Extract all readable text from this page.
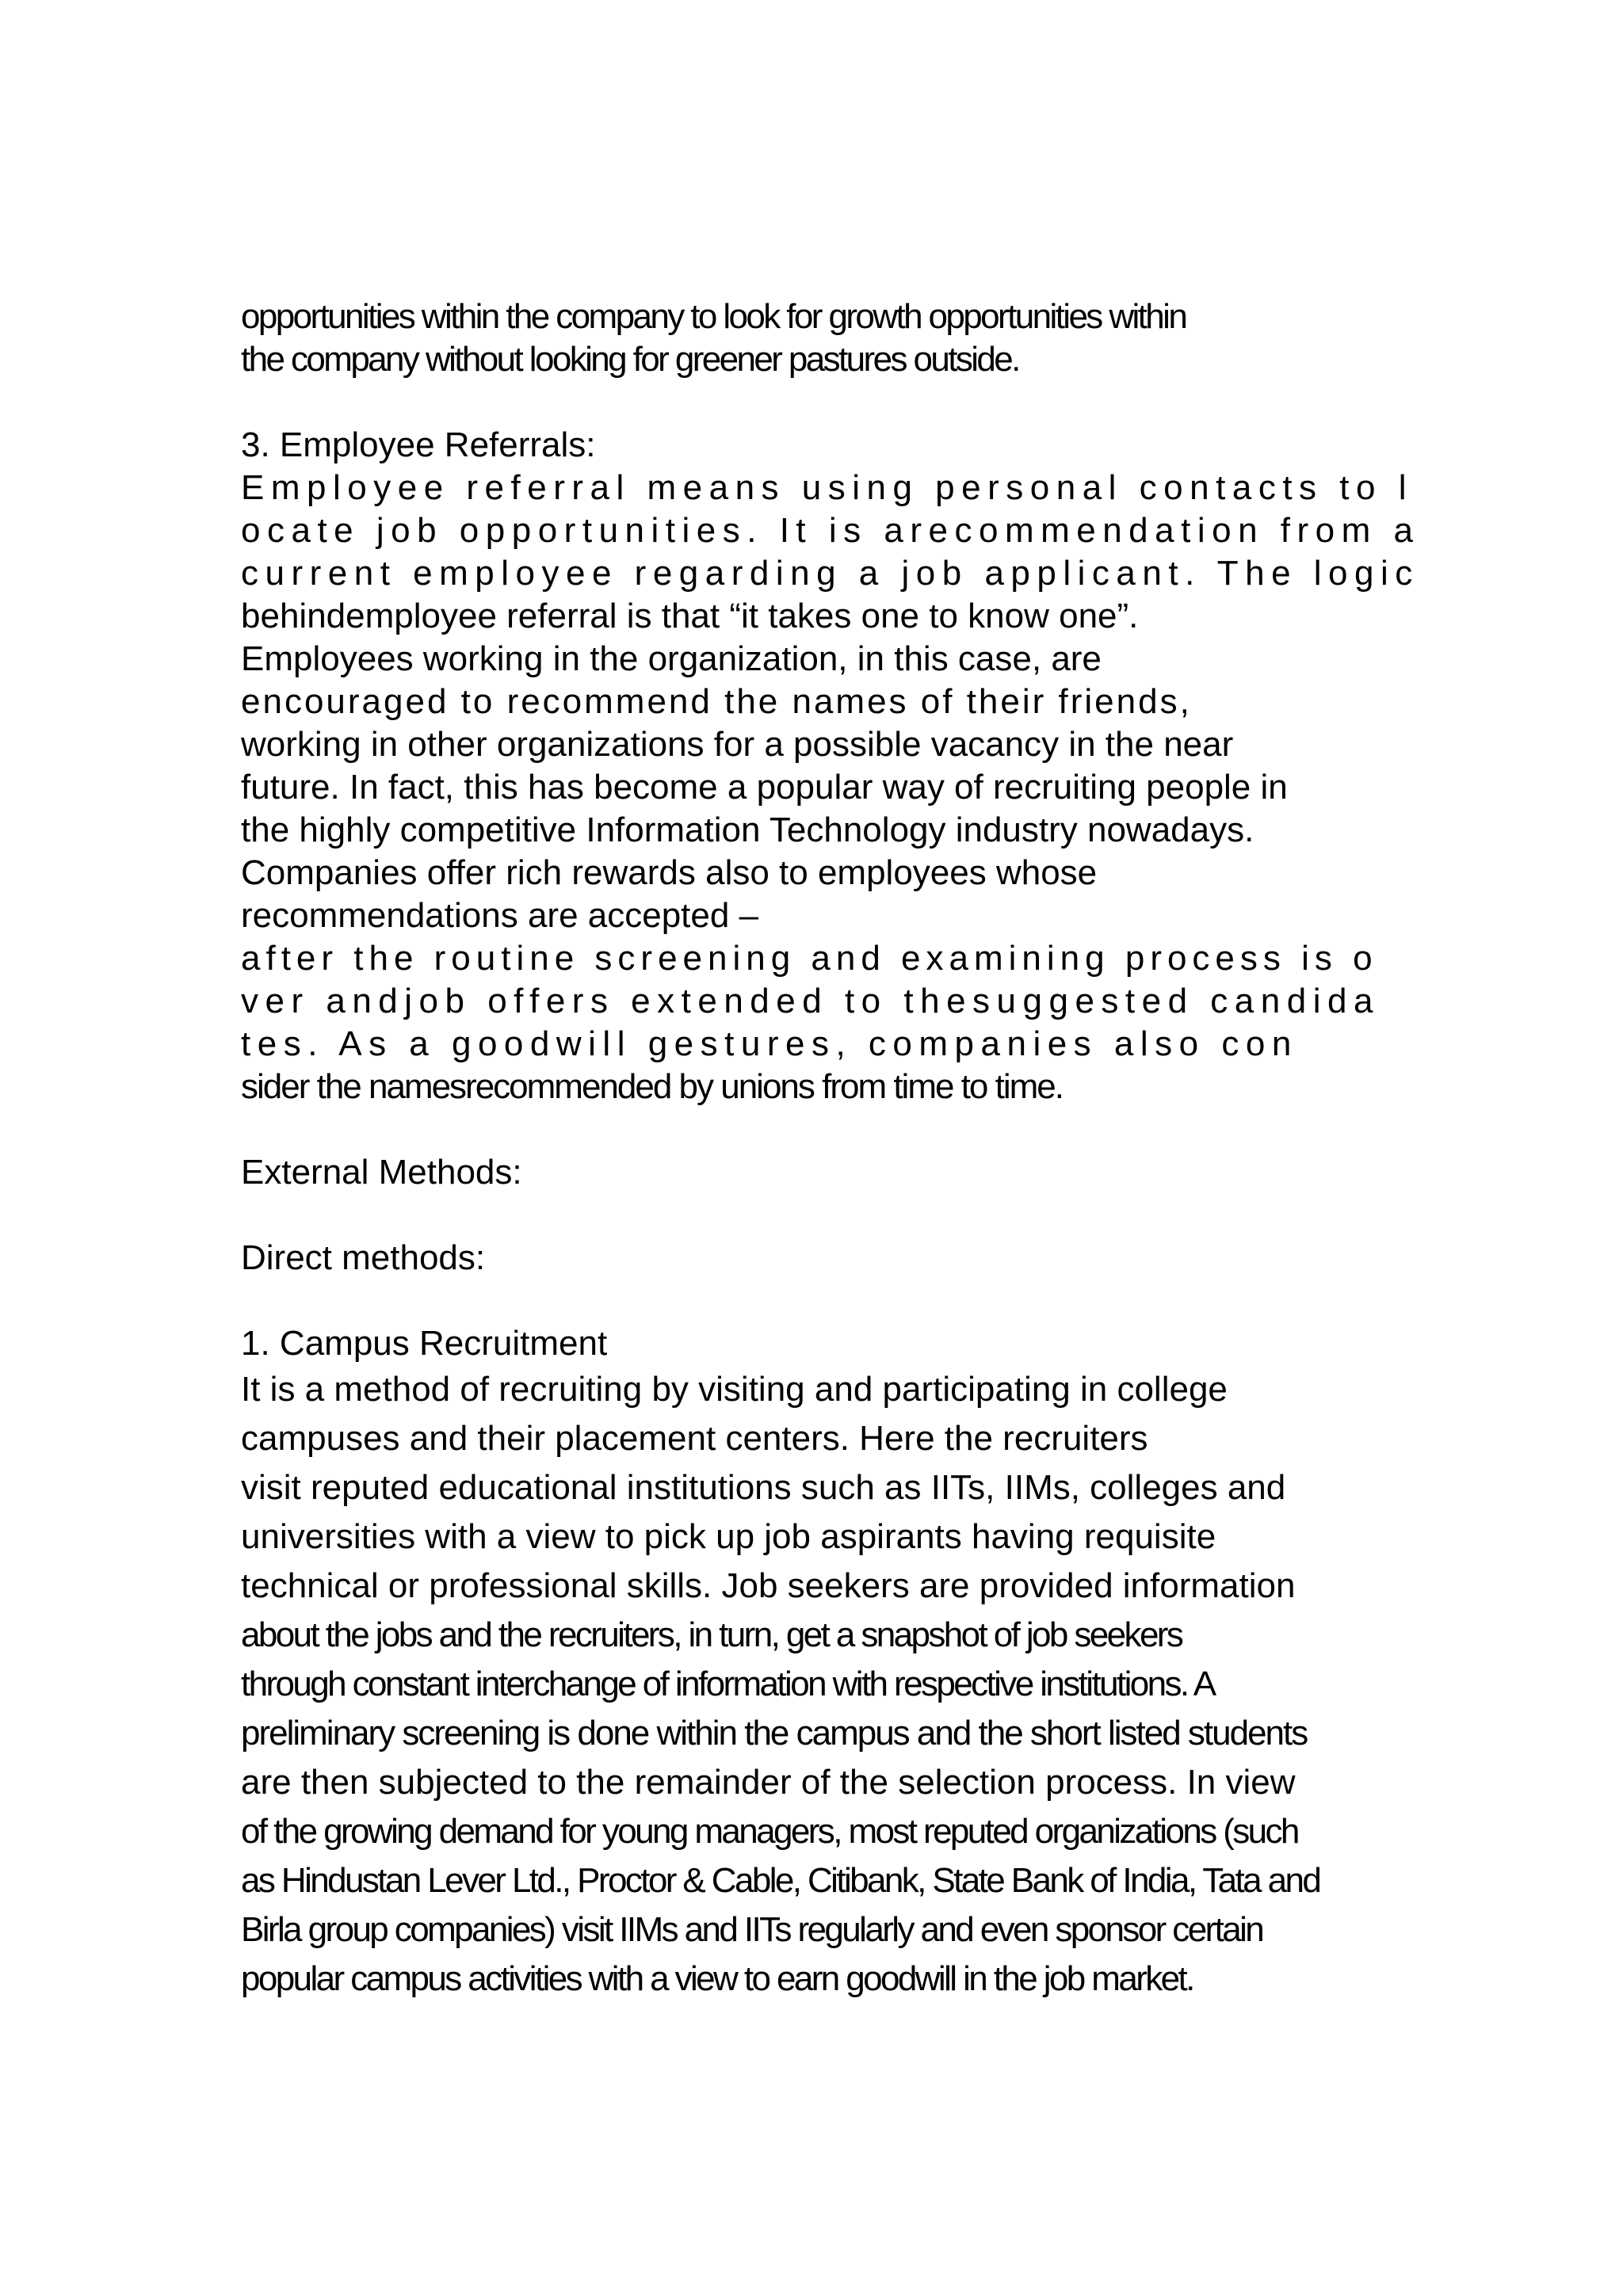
opportunities within the company to look for growth opportunities within

the company without looking for greener pastures outside.

3. Employee Referrals:

Employee referral means using personal contacts to l

ocate job opportunities. It is arecommendation from a

current employee regarding a job applicant. The logic

behindemployee referral is that “it takes one to know one”.

Employees working in the organization, in this case, are

encouraged to recommend the names of their friends,

working in other organizations for a possible vacancy in the near

future. In fact, this has become a popular way of recruiting people in

the highly competitive Information Technology industry nowadays.

Companies offer rich rewards also to employees whose

recommendations are accepted –

after the routine screening and examining process is o

ver andjob offers extended to thesuggested candida

tes. As a goodwill gestures, companies also con

sider the namesrecommended by unions from time to time.

External Methods:

Direct methods:

1. Campus Recruitment

It is a method of recruiting by visiting and participating in college

campuses and their placement centers. Here the recruiters

visit reputed educational institutions such as IITs, IIMs, colleges and

universities with a view to pick up job aspirants having requisite

technical or professional skills. Job seekers are provided information

about the jobs and the recruiters, in turn, get a snapshot of job seekers

through constant interchange of information with respective institutions. A

preliminary screening is done within the campus and the short listed students

are then subjected to the remainder of the selection process. In view

of the growing demand for young managers, most reputed organizations (such

as Hindustan Lever Ltd., Proctor & Cable, Citibank, State Bank of India, Tata and

Birla group companies) visit IIMs and IITs regularly and even sponsor certain

popular campus activities with a view to earn goodwill in the job market.
